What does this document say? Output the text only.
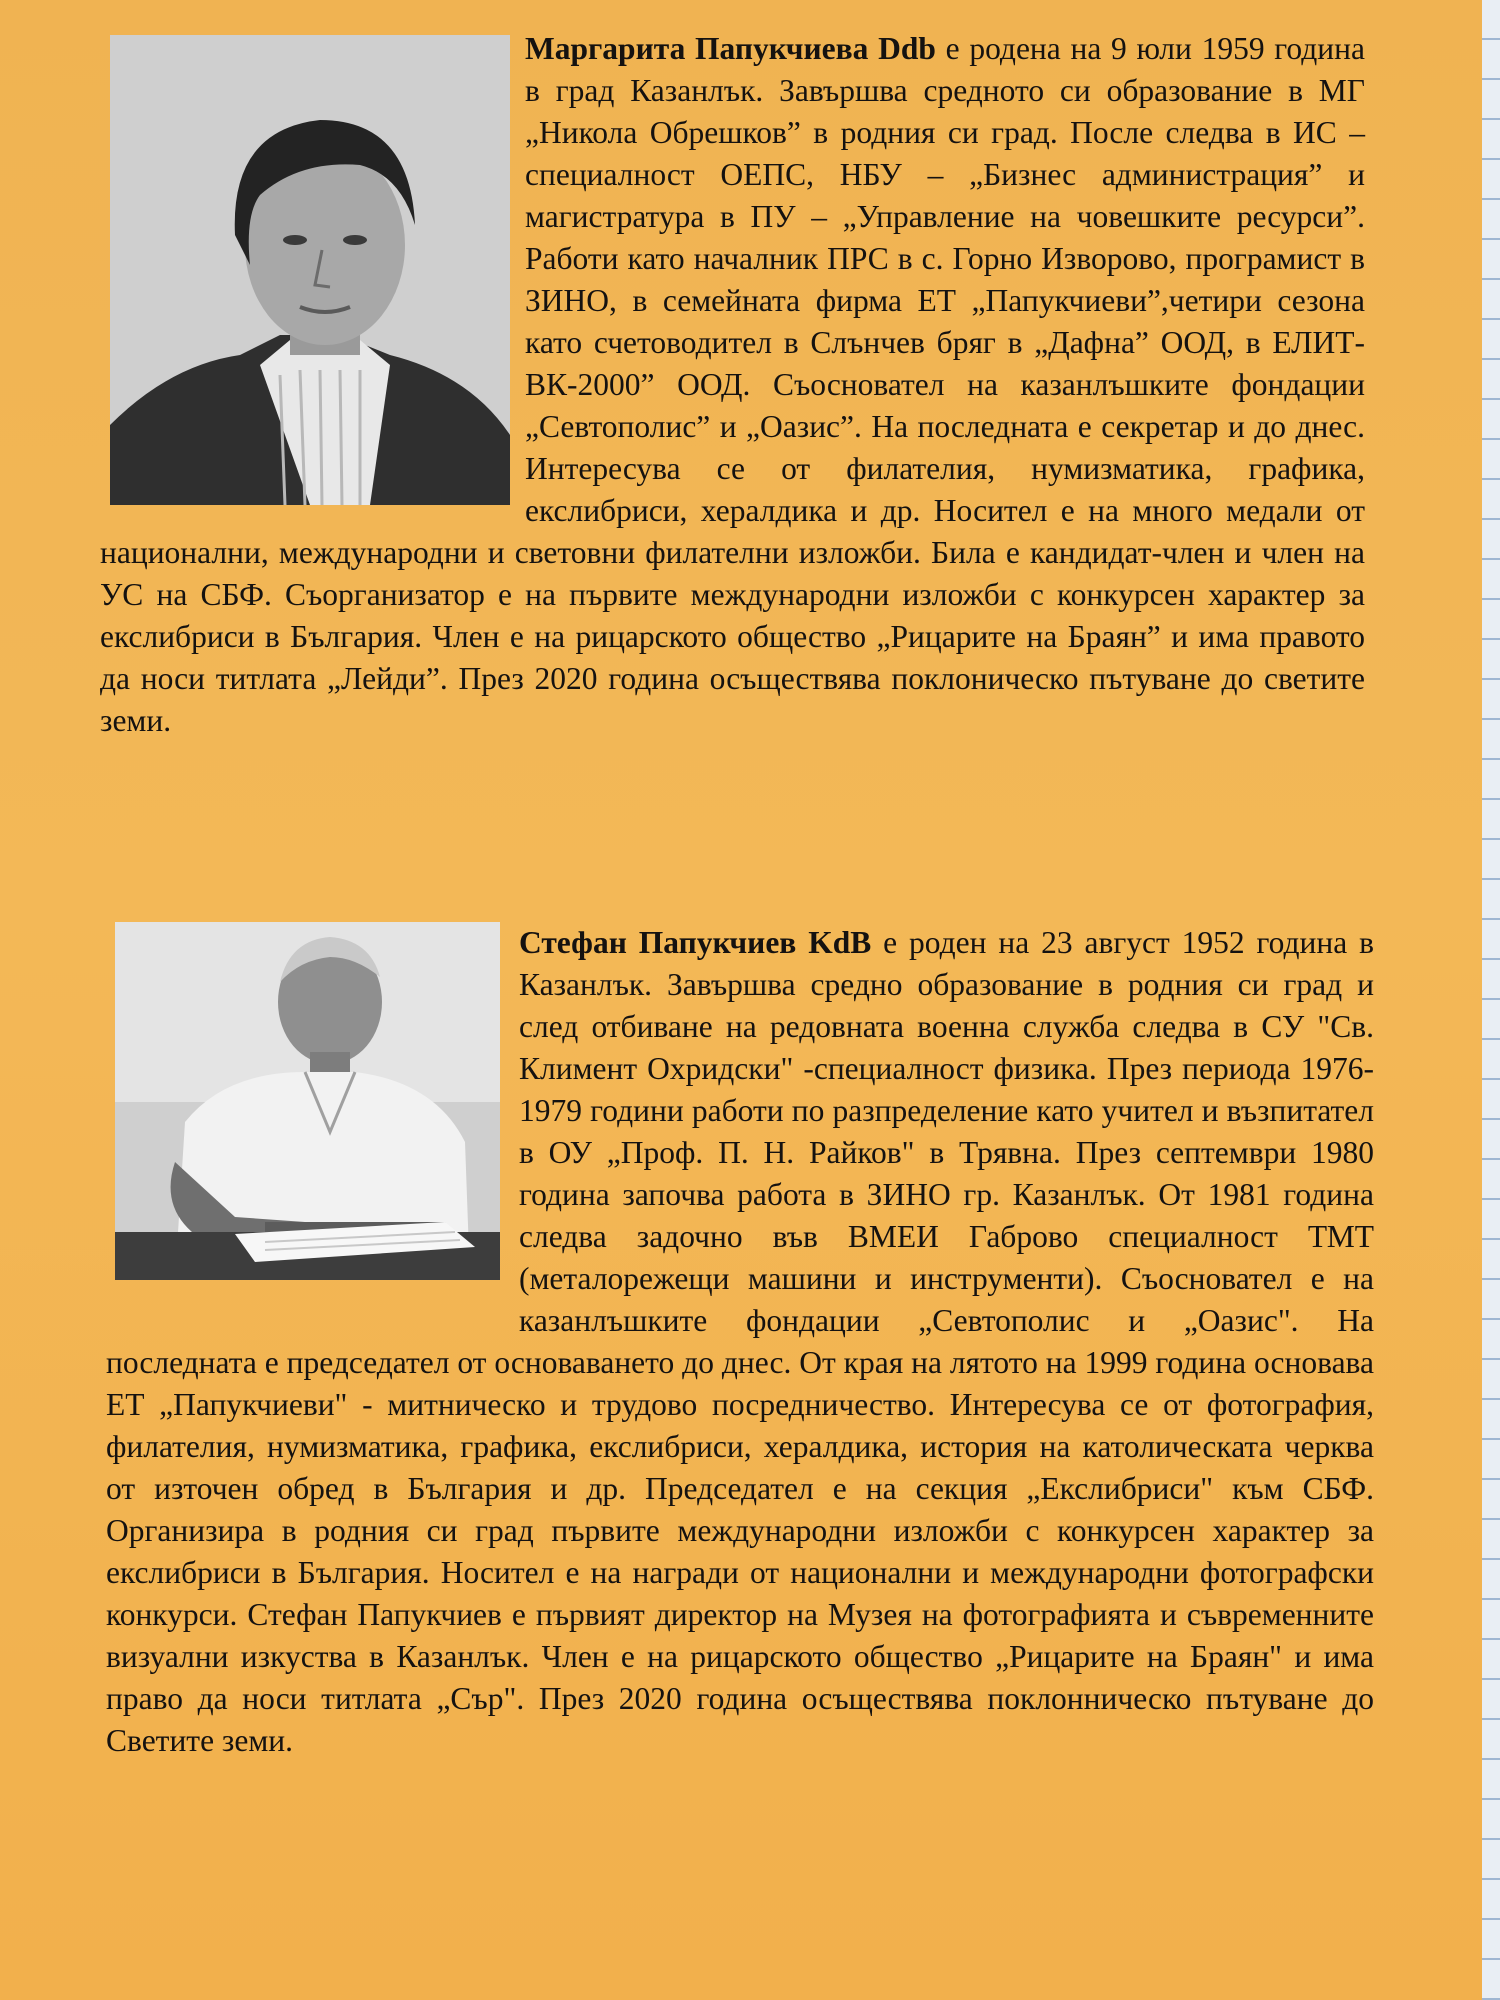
Маргарита Папукчиева Ddb е родена на 9 юли 1959 година в град Казанлък. Завършва средното си образование в МГ „Никола Обрешков” в родния си град. После следва в ИС – специалност ОЕПС, НБУ – „Бизнес администрация” и магистратура в ПУ – „Управление на човешките ресурси”. Работи като началник ПРС в с. Горно Изворово, програмист в ЗИНО, в семейната фирма ЕТ „Папукчиеви”,четири сезона като счетоводител в Слънчев бряг в „Дафна” ООД, в ЕЛИТ-ВК-2000” ООД. Съосновател на казанлъшките фондации „Севтополис” и „Оазис”. На последната е секретар и до днес. Интересува се от филателия, нумизматика, графика, екслибриси, хералдика и др. Носител е на много медали от национални, международни и световни филателни изложби. Била е кандидат-член и член на УС на СБФ. Съорганизатор е на първите международни изложби с конкурсен характер за екслибриси в България. Член е на рицарското общество „Рицарите на Браян” и има правото да носи титлата „Лейди”. През 2020 година осъществява поклоническо пътуване до светите земи.

Стефан Папукчиев KdB е роден на 23 август 1952 година в Казанлък. Завършва средно образование в родния си град и след отбиване на редовната военна служба следва в СУ "Св. Климент Охридски" -специалност физика. През периода 1976-1979 години работи по разпределение като учител и възпитател в ОУ „Проф. П. Н. Райков" в Трявна. През септември 1980 година започва работа в ЗИНО гр. Казанлък. От 1981 година следва задочно във ВМЕИ Габрово специалност ТМТ (металорежещи машини и инструменти). Съосновател е на казанлъшките фондации „Севтополис и „Оазис". На последната е председател от основаването до днес. От края на лятото на 1999 година основава ЕТ „Папукчиеви" - митническо и трудово посредничество. Интересува се от фотография, филателия, нумизматика, графика, екслибриси, хералдика, история на католическата черква от източен обред в България и др. Председател е на секция „Екслибриси" към СБФ. Организира в родния си град първите международни изложби с конкурсен характер за екслибриси в България. Носител е на награди от национални и международни фотографски конкурси. Стефан Папукчиев е първият директор на Музея на фотографията и съвременните визуални изкуства в Казанлък. Член е на рицарското общество „Рицарите на Браян" и има право да носи титлата „Сър". През 2020 година осъществява поклонническо пътуване до Светите земи.
